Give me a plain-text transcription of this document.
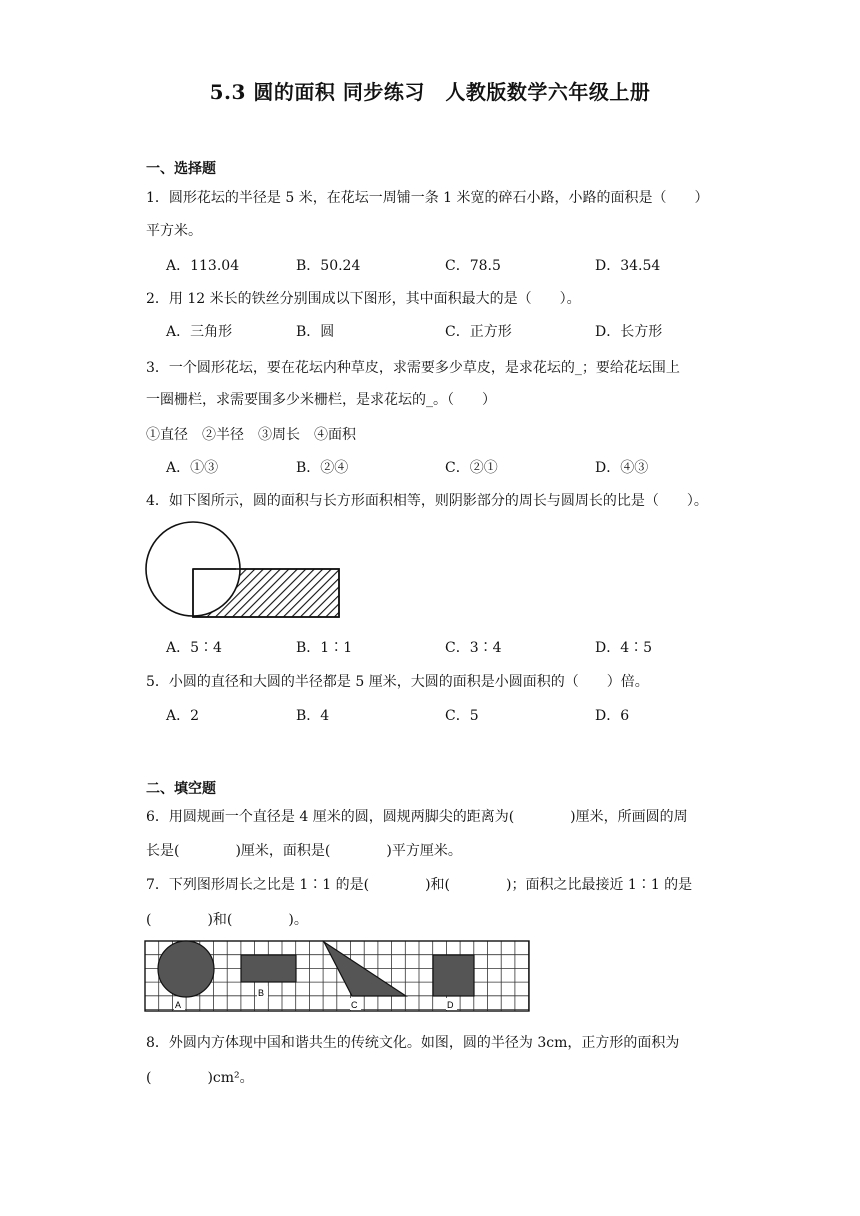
5.3 圆的面积 同步练习　人教版数学六年级上册
一、选择题
1．圆形花坛的半径是 5 米，在花坛一周铺一条 1 米宽的碎石小路，小路的面积是（　　）
平方米。
A．113.04	B．50.24	C．78.5	D．34.54
2．用 12 米长的铁丝分别围成以下图形，其中面积最大的是（　　）。
A．三角形	B．圆	C．正方形	D．长方形
3．一个圆形花坛，要在花坛内种草皮，求需要多少草皮，是求花坛的_；要给花坛围上
一圈栅栏，求需要围多少米栅栏，是求花坛的_。（　　）
①直径　②半径　③周长　④面积
A．①③	B．②④	C．②①	D．④③
4．如下图所示，圆的面积与长方形面积相等，则阴影部分的周长与圆周长的比是（　　）。
A．5∶4	B．1∶1	C．3∶4	D．4∶5
5．小圆的直径和大圆的半径都是 5 厘米，大圆的面积是小圆面积的（　　）倍。
A．2	B．4	C．5	D．6
二、填空题
6．用圆规画一个直径是 4 厘米的圆，圆规两脚尖的距离为(　　　　)厘米，所画圆的周
长是(　　　　)厘米，面积是(　　　　)平方厘米。
7．下列图形周长之比是 1∶1 的是(　　　　)和(　　　　)；面积之比最接近 1∶1 的是
(　　　　)和(　　　　)。
A
B
C	D
8．外圆内方体现中国和谐共生的传统文化。如图，圆的半径为 3cm，正方形的面积为
(　　　　)cm²。
